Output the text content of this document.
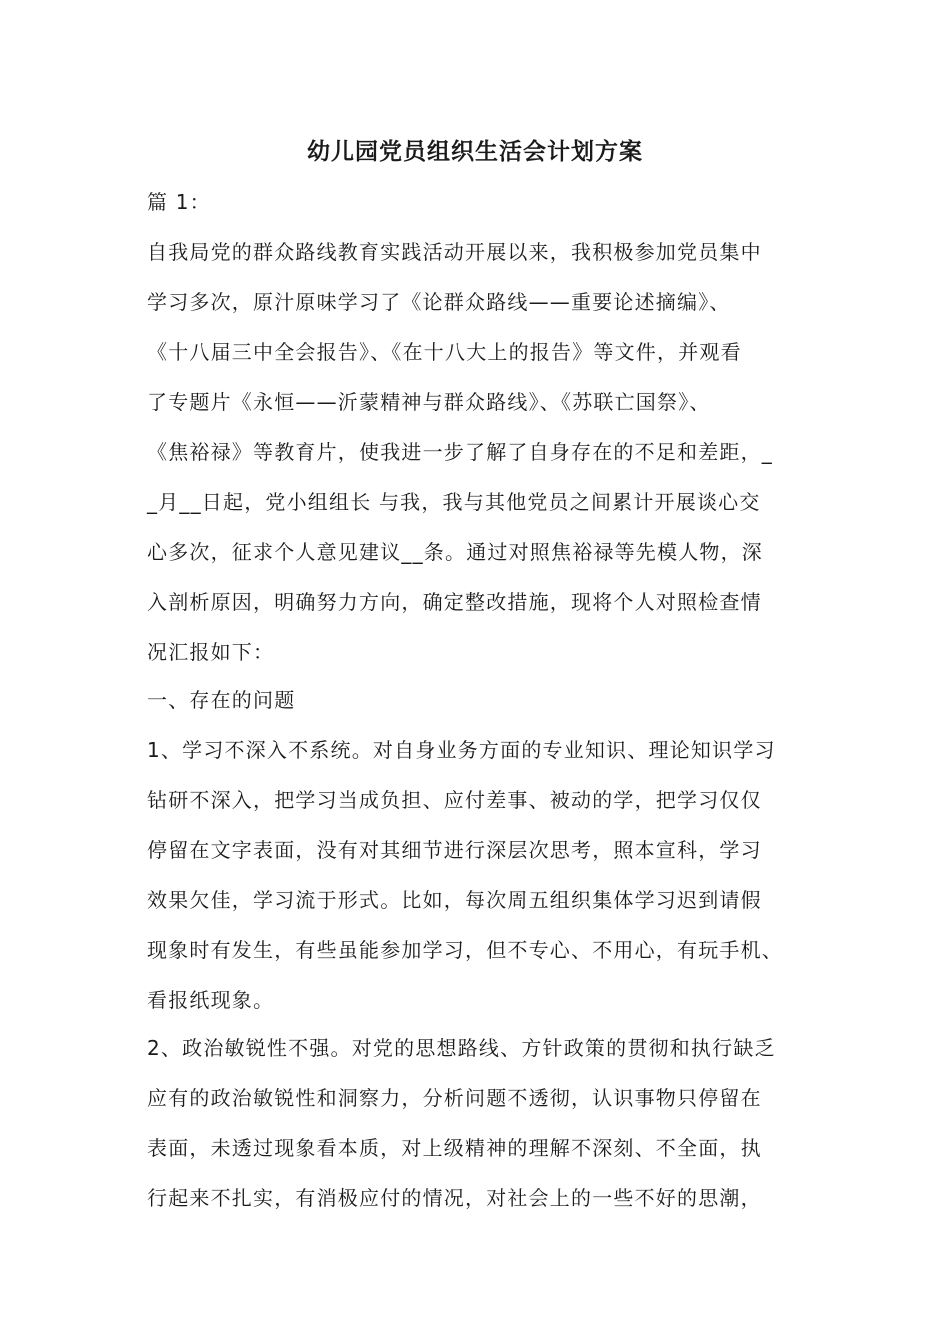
幼儿园党员组织生活会计划方案

篇 1：

自我局党的群众路线教育实践活动开展以来，我积极参加党员集中

学习多次，原汁原味学习了《论群众路线——重要论述摘编》、

《十八届三中全会报告》、《在十八大上的报告》等文件，并观看

了专题片《永恒——沂蒙精神与群众路线》、《苏联亡国祭》、

《焦裕禄》等教育片，使我进一步了解了自身存在的不足和差距，_

_月__日起，党小组组长 与我，我与其他党员之间累计开展谈心交

心多次，征求个人意见建议__条。通过对照焦裕禄等先模人物，深

入剖析原因，明确努力方向，确定整改措施，现将个人对照检查情

况汇报如下：

一、存在的问题

1、学习不深入不系统。对自身业务方面的专业知识、理论知识学习

钻研不深入，把学习当成负担、应付差事、被动的学，把学习仅仅

停留在文字表面，没有对其细节进行深层次思考，照本宣科，学习

效果欠佳，学习流于形式。比如，每次周五组织集体学习迟到请假

现象时有发生，有些虽能参加学习，但不专心、不用心，有玩手机、

看报纸现象。

2、政治敏锐性不强。对党的思想路线、方针政策的贯彻和执行缺乏

应有的政治敏锐性和洞察力，分析问题不透彻，认识事物只停留在

表面，未透过现象看本质，对上级精神的理解不深刻、不全面，执

行起来不扎实，有消极应付的情况，对社会上的一些不好的思潮，
